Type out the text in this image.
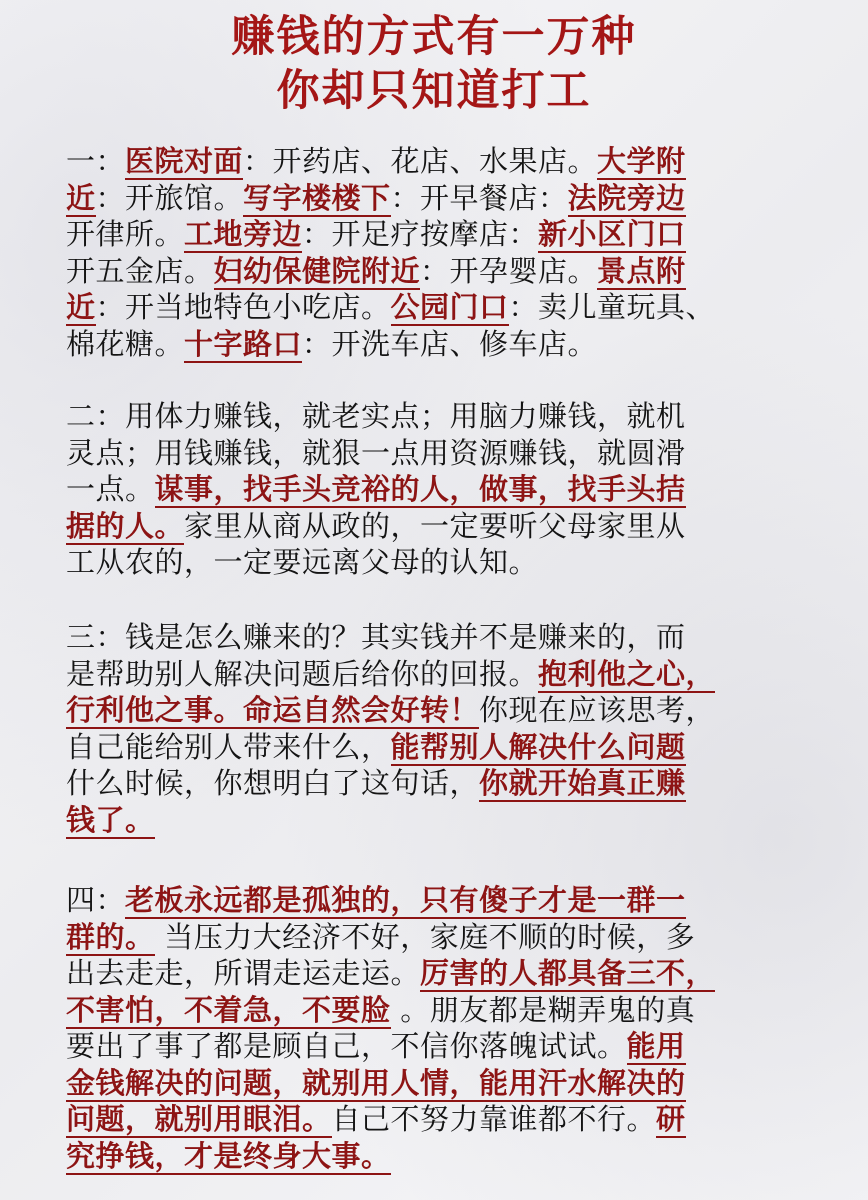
赚钱的方式有一万种
你却只知道打工
一：医院对面：开药店、花店、水果店。大学附
近：开旅馆。写字楼楼下：开早餐店：法院旁边
开律所。工地旁边：开足疗按摩店：新小区门口
开五金店。妇幼保健院附近：开孕婴店。景点附
近：开当地特色小吃店。公园门口：卖儿童玩具、
棉花糖。十字路口：开洗车店、修车店。
二：用体力赚钱，就老实点；用脑力赚钱，就机
灵点；用钱赚钱，就狠一点用资源赚钱，就圆滑
一点。谋事，找手头竞裕的人，做事，找手头拮
据的人。家里从商从政的，一定要听父母家里从
工从农的，一定要远离父母的认知。
三：钱是怎么赚来的？其实钱并不是赚来的，而
是帮助别人解决问题后给你的回报。抱利他之心，
行利他之事。命运自然会好转！你现在应该思考，
自己能给别人带来什么，能帮别人解决什么问题
什么时候，你想明白了这句话，你就开始真正赚
钱了。
四：老板永远都是孤独的，只有傻子才是一群一
群的。 当压力大经济不好，家庭不顺的时候，多
出去走走，所谓走运走运。厉害的人都具备三不，
不害怕，不着急，不要脸 。朋友都是糊弄鬼的真
要出了事了都是顾自己，不信你落魄试试。能用
金钱解决的问题，就别用人情，能用汗水解决的
问题，就别用眼泪。自己不努力靠谁都不行。研
究挣钱，才是终身大事。
